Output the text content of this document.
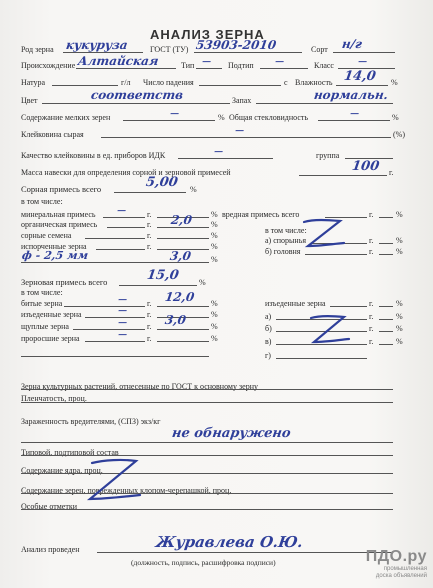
АНАЛИЗ ЗЕРНА
Род зерна кукуруза	ГОСТ (ТУ) 53903-2010	Сорт н/г
Происхождение Алтайская	Тип — Подтип —	Класс	—
Натура	г/л Число падения	с Влажность 14,0 %
Цвет	соответств	Запах	нормальн.
Содержание мелких зерен	—	% Общая стекловидность	—	%
Клейковина сырая	—	(%)
Качество клейковины в ед. приборов ИДК	—	группа
Масса навески для определения сорной и зерновой примесей	100 г.
Сорная примесь всего	5,00 %
в том числе:
минеральная примесь —	г.	% вредная примесь всего	г.	%
органическая примесь	г. 2,0 %
сорные семена	г.	%
в том числе:
испорченные зерна	г.	%
а) спорынья	г.	%
ф - 2,5 мм	3,0 %
б) головня	г.	%
Зерновая примесь всего	15,0 %
в том числе:
битые зерна	— г. 12,0 %	изъеденные зерна	г.	%
изъеденные зерна	— г.	%	а)	г.	%
щуплые зерна	— г. 3,0	%	б)	г.	%
проросшие зерна	— г.	%	в)	г.	%
г)
Зерна культурных растений, отнесенные по ГОСТ к основному зерну
Пленчатость, проц.
Зараженность вредителями, (СПЗ) экз/кг
не обнаружено
Типовой, подтиповой состав
Содержание ядра, проц.
Содержание зерен, поврежденных клопом-черепашкой, проц.
Особые отметки
Анализ проведен	Журавлева О.Ю.
(должность, подпись, расшифровка подписи)	ПДО.ру
промышленная
доска объявлений
